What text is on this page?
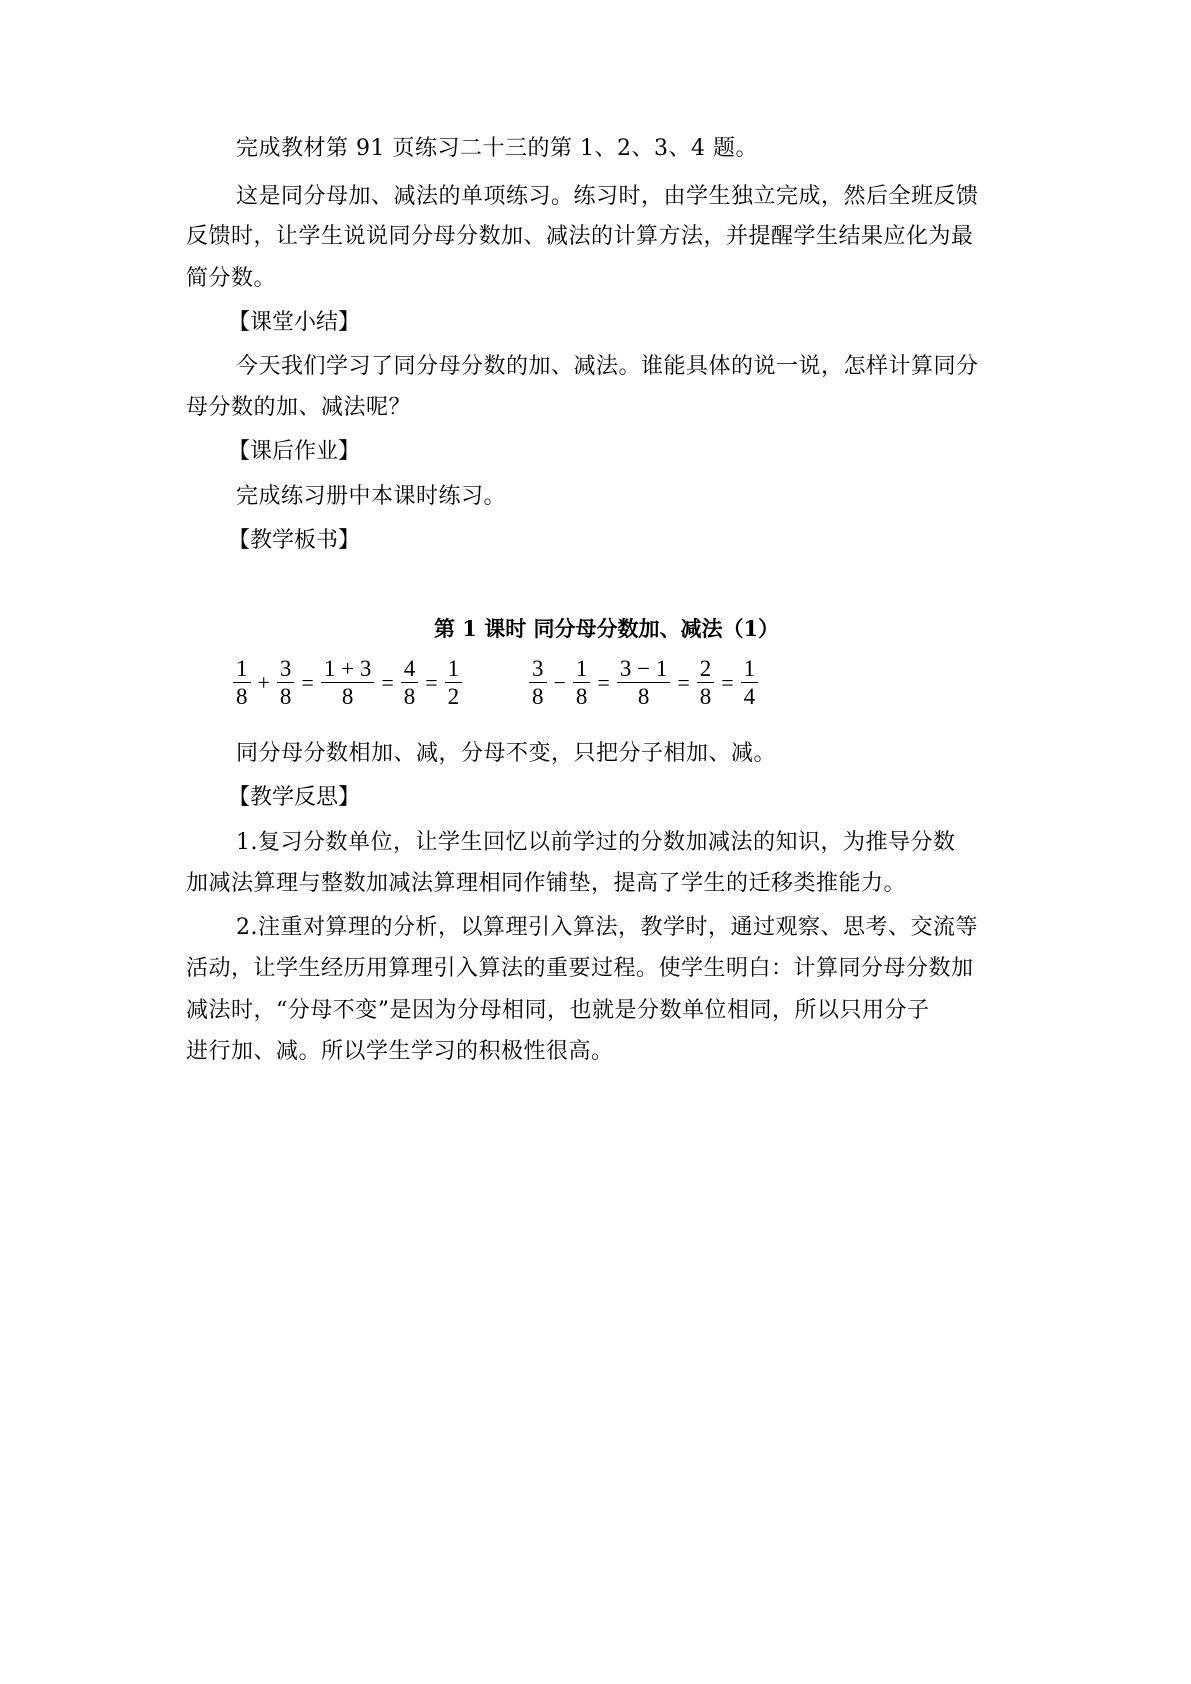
完成教材第 91 页练习二十三的第 1、2、3、4 题。
这是同分母加、减法的单项练习。练习时，由学生独立完成，然后全班反馈
反馈时，让学生说说同分母分数加、减法的计算方法，并提醒学生结果应化为最
简分数。
【课堂小结】
今天我们学习了同分母分数的加、减法。谁能具体的说一说，怎样计算同分
母分数的加、减法呢？
【课后作业】
完成练习册中本课时练习。
【教学板书】
第 1 课时 同分母分数加、减法（1）
$\frac{1}{8} + \frac{3}{8} = \frac{1 + 3}{8} = \frac{4}{8} = \frac{1}{2}$	$\frac{3}{8} - \frac{1}{8} = \frac{3 - 1}{8} = \frac{2}{8} = \frac{1}{4}$
同分母分数相加、减，分母不变，只把分子相加、减。
【教学反思】
1.复习分数单位，让学生回忆以前学过的分数加减法的知识，为推导分数
加减法算理与整数加减法算理相同作铺垫，提高了学生的迁移类推能力。
2.注重对算理的分析，以算理引入算法，教学时，通过观察、思考、交流等
活动，让学生经历用算理引入算法的重要过程。使学生明白：计算同分母分数加
减法时，“分母不变”是因为分母相同，也就是分数单位相同，所以只用分子
进行加、减。所以学生学习的积极性很高。
